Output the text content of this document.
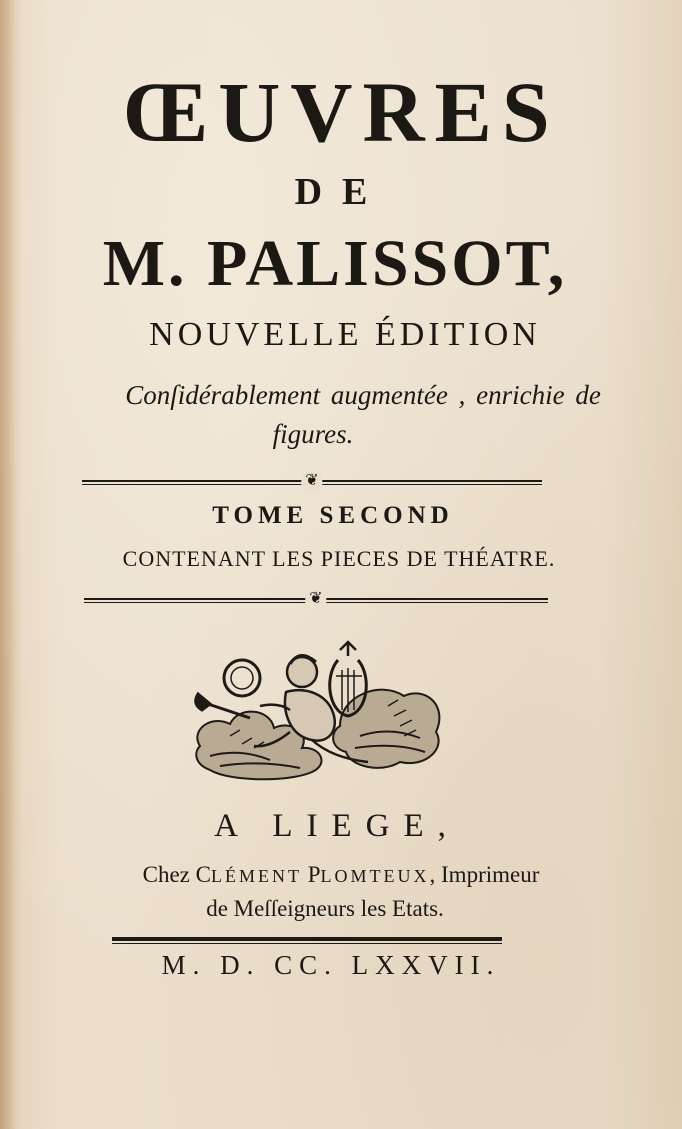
ŒUVRES
DE
M. PALISSOT,
NOUVELLE ÉDITION
Conſidérablement augmentée , enrichie de
figures.
❦
TOME SECOND
CONTENANT LES PIECES DE THÉATRE.
❦
A LIEGE,
Chez CLÉMENT PLOMTEUX, Imprimeur
de Meſſeigneurs les Etats.
M. D. CC. LXXVII.
